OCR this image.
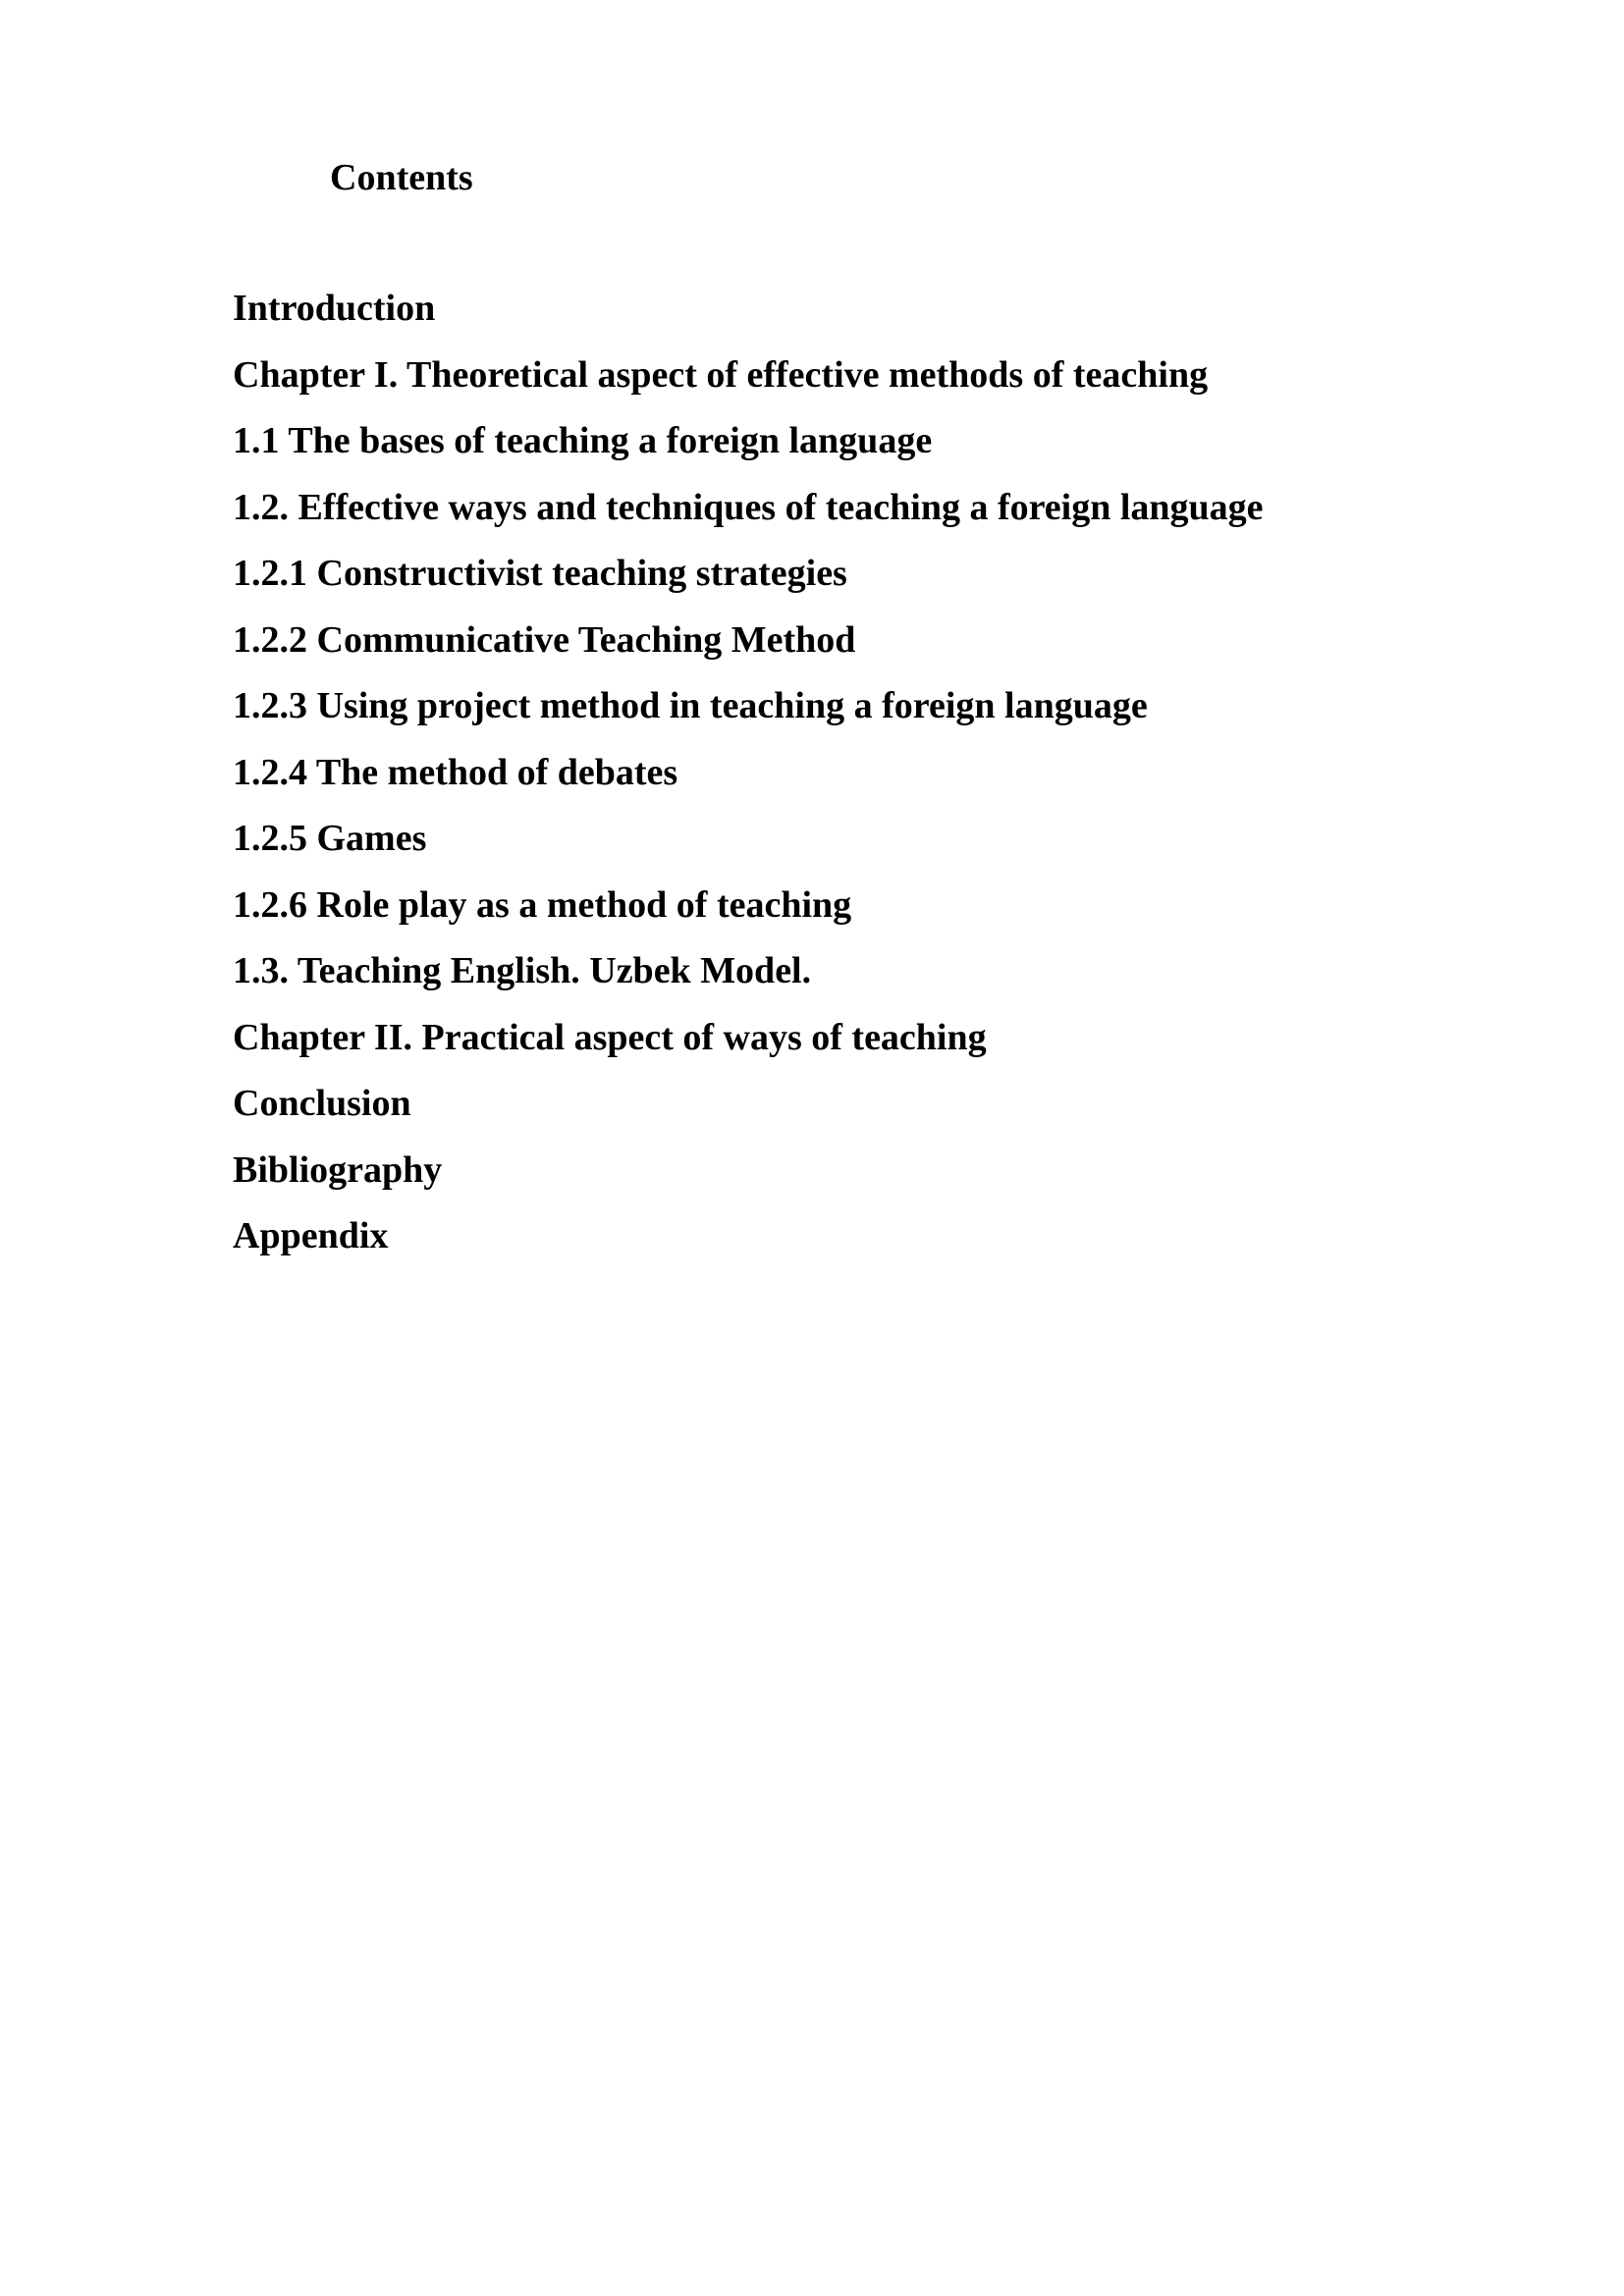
Contents
Introduction
Chapter I. Theoretical aspect of effective methods of teaching
1.1 The bases of teaching a foreign language
1.2. Effective ways and techniques of teaching a foreign language
1.2.1 Constructivist teaching strategies
1.2.2 Communicative Teaching Method
1.2.3 Using project method in teaching a foreign language
1.2.4 The method of debates
1.2.5 Games
1.2.6 Role play as a method of teaching
1.3. Teaching English. Uzbek Model.
Chapter II. Practical aspect of ways of teaching
Conclusion
Bibliography
Appendix
